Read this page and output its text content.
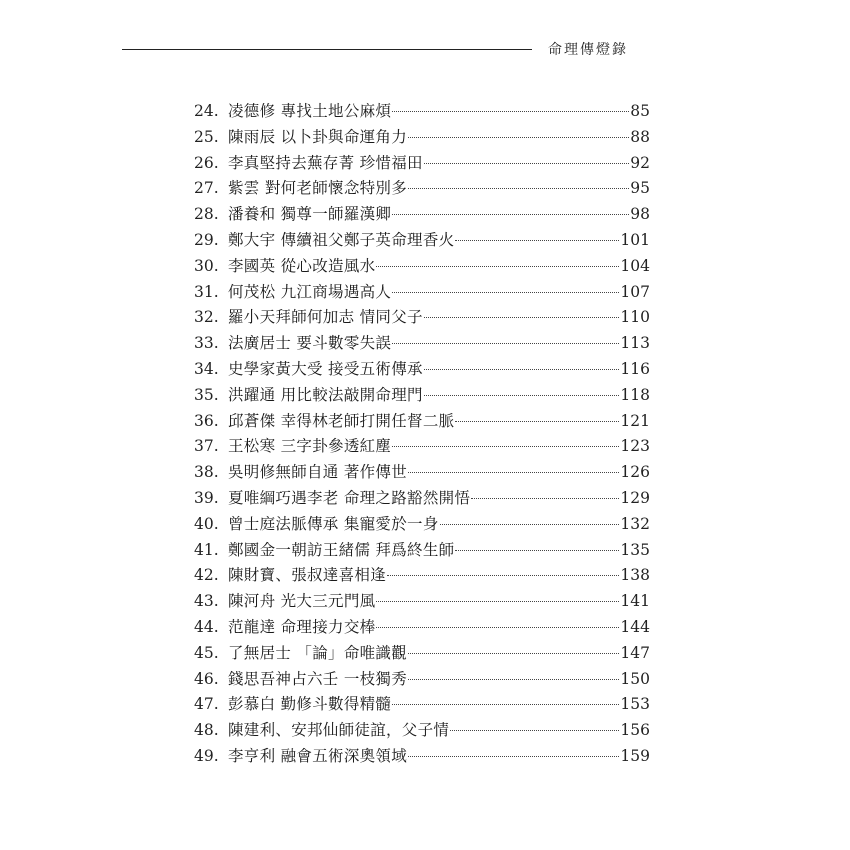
命理傳燈錄
24. 凌德修 專找土地公麻煩	85
25. 陳雨辰 以卜卦與命運角力	88
26. 李真堅持去蕪存菁 珍惜福田	92
27. 紫雲 對何老師懷念特別多	95
28. 潘養和 獨尊一師羅漢卿	98
29. 鄭大宇 傳續祖父鄭子英命理香火	101
30. 李國英 從心改造風水	104
31. 何茂松 九江商場遇高人	107
32. 羅小天拜師何加志 情同父子	110
33. 法廣居士 要斗數零失誤	113
34. 史學家黃大受 接受五術傳承	116
35. 洪躍通 用比較法敲開命理門	118
36. 邱蒼傑 幸得林老師打開任督二脈	121
37. 王松寒 三字卦參透紅塵	123
38. 吳明修無師自通 著作傳世	126
39. 夏唯綱巧遇李老 命理之路豁然開悟	129
40. 曾士庭法脈傳承 集寵愛於一身	132
41. 鄭國金一朝訪王緒儒 拜爲終生師	135
42. 陳財寶、張叔達喜相逢	138
43. 陳河舟 光大三元門風	141
44. 范龍達 命理接力交棒	144
45. 了無居士 「論」命唯識觀	147
46. 錢思吾神占六壬 一枝獨秀	150
47. 彭慕白 勤修斗數得精髓	153
48. 陳建利、安邦仙師徒誼，父子情	156
49. 李亨利 融會五術深奧領域	159
